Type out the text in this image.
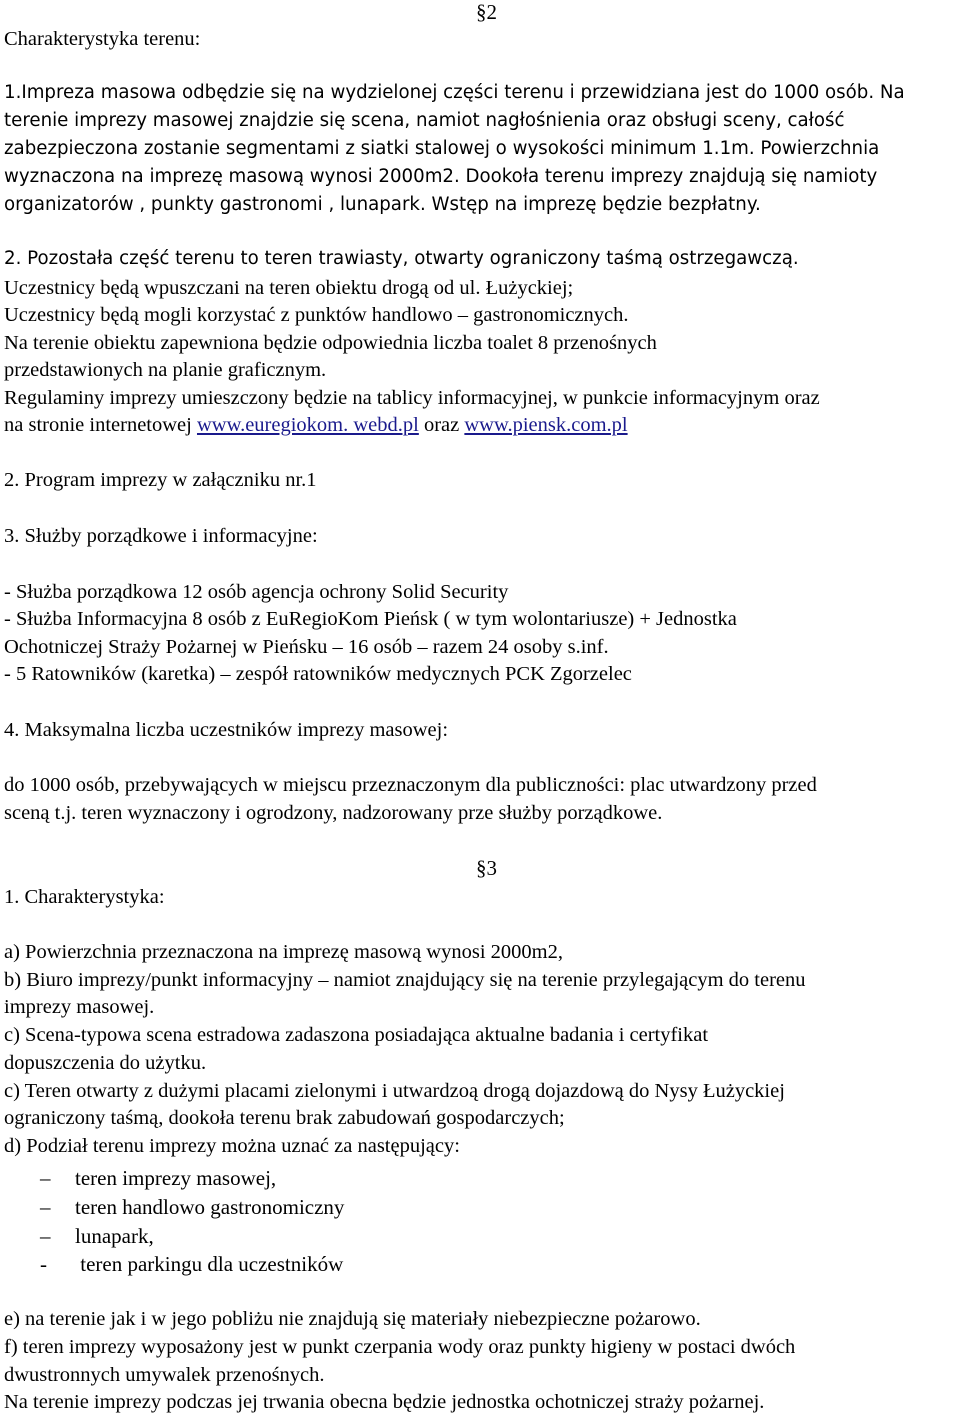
§2
Charakterystyka terenu:
1.Impreza masowa odbędzie się na wydzielonej części terenu i przewidziana jest do 1000 osób. Na
terenie imprezy masowej znajdzie się scena, namiot nagłośnienia oraz obsługi sceny, całość
zabezpieczona zostanie segmentami z siatki stalowej o wysokości minimum 1.1m. Powierzchnia
wyznaczona na imprezę masową wynosi 2000m2. Dookoła terenu imprezy znajdują się namioty
organizatorów , punkty gastronomi , lunapark. Wstęp na imprezę będzie bezpłatny.
2. Pozostała część terenu to teren trawiasty, otwarty ograniczony taśmą ostrzegawczą.
Uczestnicy będą wpuszczani na teren obiektu drogą od ul. Łużyckiej;
Uczestnicy będą mogli korzystać z punktów handlowo – gastronomicznych.
Na terenie obiektu zapewniona będzie odpowiednia liczba toalet 8 przenośnych
przedstawionych na planie graficznym.
Regulaminy imprezy umieszczony będzie na tablicy informacyjnej, w punkcie informacyjnym oraz
na stronie internetowej www.euregiokom. webd.pl oraz www.piensk.com.pl
2. Program imprezy w załączniku nr.1
3. Służby porządkowe i informacyjne:
- Służba porządkowa 12 osób agencja ochrony Solid Security
- Służba Informacyjna 8 osób z EuRegioKom Pieńsk ( w tym wolontariusze) + Jednostka
Ochotniczej Straży Pożarnej w Pieńsku – 16 osób – razem 24 osoby s.inf.
- 5 Ratowników (karetka) – zespół ratowników medycznych PCK Zgorzelec
4. Maksymalna liczba uczestników imprezy masowej:
do 1000 osób, przebywających w miejscu przeznaczonym dla publiczności: plac utwardzony przed
sceną t.j. teren wyznaczony i ogrodzony, nadzorowany prze służby porządkowe.
§3
1. Charakterystyka:
a) Powierzchnia przeznaczona na imprezę masową wynosi 2000m2,
b) Biuro imprezy/punkt informacyjny – namiot znajdujący się na terenie przylegającym do terenu
imprezy masowej.
c) Scena-typowa scena estradowa zadaszona posiadająca aktualne badania i certyfikat
dopuszczenia do użytku.
c) Teren otwarty z dużymi placami zielonymi i utwardzoą drogą dojazdową do Nysy Łużyckiej
ograniczony taśmą, dookoła terenu brak zabudowań gospodarczych;
d) Podział terenu imprezy można uznać za następujący:
– teren imprezy masowej,
– teren handlowo gastronomiczny
– lunapark,
- teren parkingu dla uczestników
e) na terenie jak i w jego pobliżu nie znajdują się materiały niebezpieczne pożarowo.
f) teren imprezy wyposażony jest w punkt czerpania wody oraz punkty higieny w postaci dwóch
dwustronnych umywalek przenośnych.
Na terenie imprezy podczas jej trwania obecna będzie jednostka ochotniczej straży pożarnej.
